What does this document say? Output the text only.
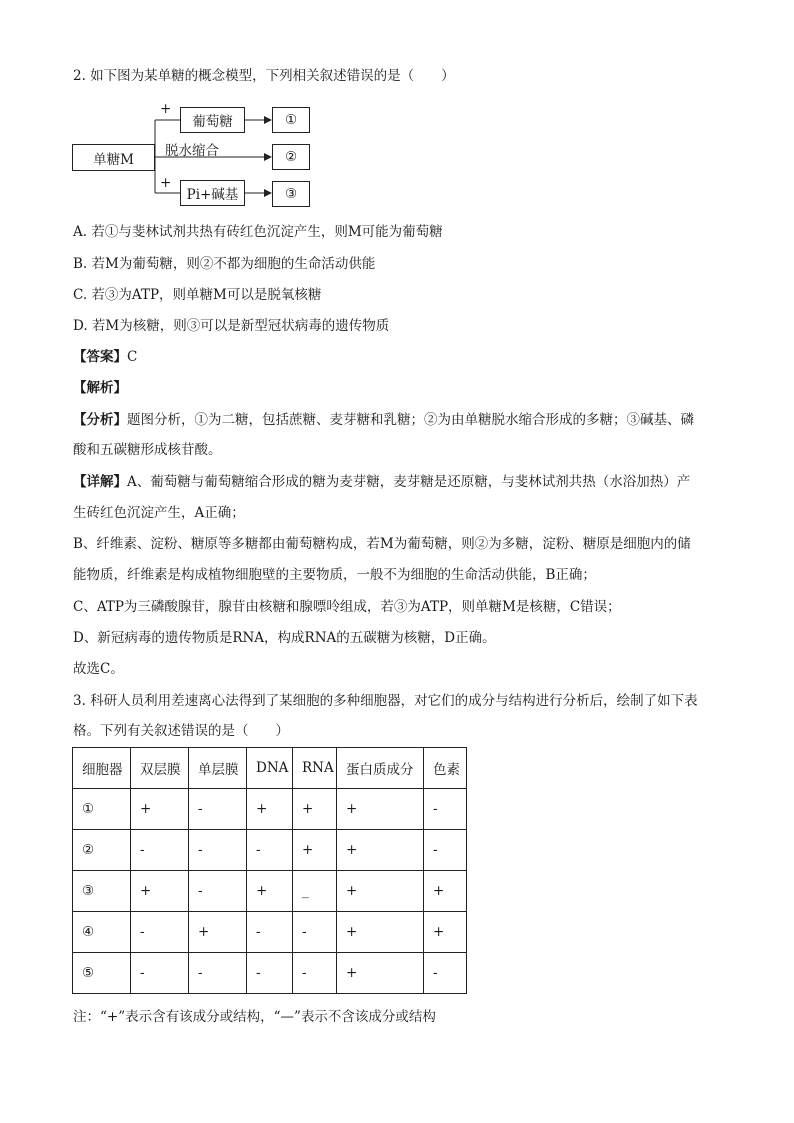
2. 如下图为某单糖的概念模型，下列相关叙述错误的是（　　）
单糖M
+
葡萄糖
脱水缩合
+
Pi+碱基
①
②
③
A. 若①与斐林试剂共热有砖红色沉淀产生，则M可能为葡萄糖
B. 若M为葡萄糖，则②不都为细胞的生命活动供能
C. 若③为ATP，则单糖M可以是脱氧核糖
D. 若M为核糖，则③可以是新型冠状病毒的遗传物质
【答案】C
【解析】
【分析】题图分析，①为二糖，包括蔗糖、麦芽糖和乳糖；②为由单糖脱水缩合形成的多糖；③碱基、磷
酸和五碳糖形成核苷酸。
【详解】A、葡萄糖与葡萄糖缩合形成的糖为麦芽糖，麦芽糖是还原糖，与斐林试剂共热（水浴加热）产
生砖红色沉淀产生，A正确；
B、纤维素、淀粉、糖原等多糖都由葡萄糖构成，若M为葡萄糖，则②为多糖，淀粉、糖原是细胞内的储
能物质，纤维素是构成植物细胞壁的主要物质，一般不为细胞的生命活动供能，B正确；
C、ATP为三磷酸腺苷，腺苷由核糖和腺嘌呤组成，若③为ATP，则单糖M是核糖，C错误；
D、新冠病毒的遗传物质是RNA，构成RNA的五碳糖为核糖，D正确。
故选C。
3. 科研人员利用差速离心法得到了某细胞的多种细胞器，对它们的成分与结构进行分析后，绘制了如下表
格。下列有关叙述错误的是（　　）
细胞器	双层膜	单层膜	DNA	RNA	蛋白质成分	色素
①	+	-	+	+	+	-
②	-	-	-	+	+	-
③	+	-	+	_	+	+
④	-	+	-	-	+	+
⑤	-	-	-	-	+	-
注：“+”表示含有该成分或结构，“—”表示不含该成分或结构
